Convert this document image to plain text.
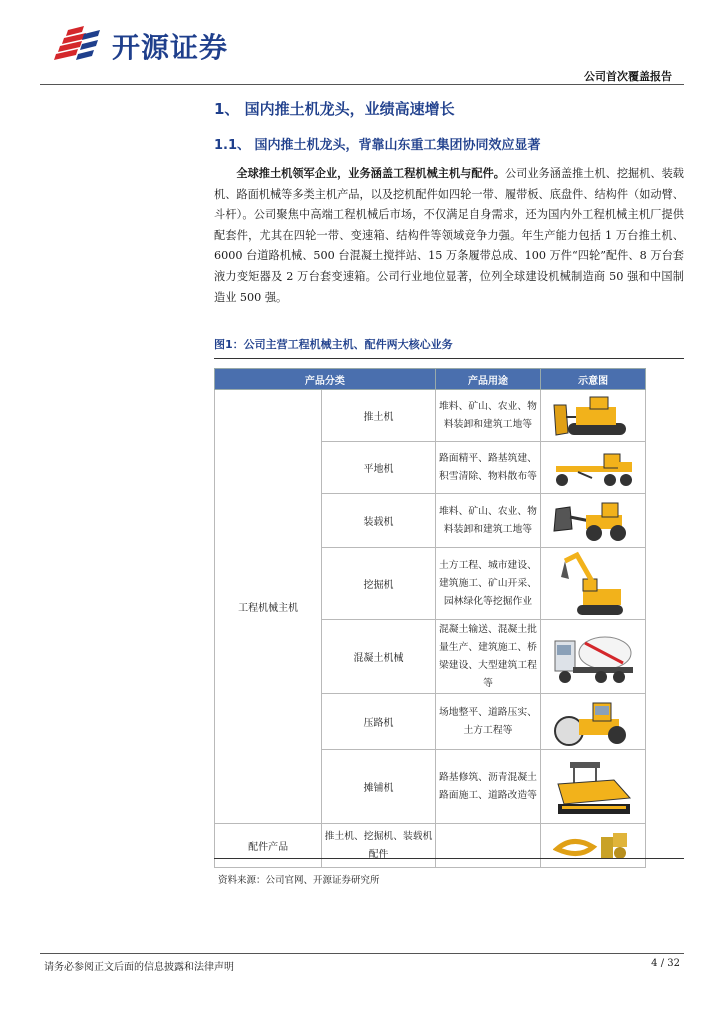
开源证券
公司首次覆盖报告
1、 国内推土机龙头，业绩高速增长
1.1、 国内推土机龙头，背靠山东重工集团协同效应显著

全球推土机领军企业，业务涵盖工程机械主机与配件。公司业务涵盖推土机、挖掘机、装载机、路面机械等多类主机产品，以及挖机配件如四轮一带、履带板、底盘件、结构件（如动臂、斗杆）。公司聚焦中高端工程机械后市场，不仅满足自身需求，还为国内外工程机械主机厂提供配套件，尤其在四轮一带、变速箱、结构件等领域竞争力强。年生产能力包括 1 万台推土机、6000 台道路机械、500 台混凝土搅拌站、15 万条履带总成、100 万件“四轮”配件、8 万台套液力变矩器及 2 万台套变速箱。公司行业地位显著，位列全球建设机械制造商 50 强和中国制造业 500 强。

图1：公司主营工程机械主机、配件两大核心业务
产品分类		产品用途	示意图
工程机械主机	推土机	堆料、矿山、农业、物料装卸和建筑工地等	

	平地机	路面精平、路基筑建、 积雪清除、物料散布等	

	装载机	堆料、矿山、农业、物料装卸和建筑工地等	

	挖掘机	土方工程、城市建设、建筑施工、矿山开采、园林绿化等挖掘作业	

	混凝土机械	混凝土输送、混凝土批量生产、建筑施工、桥梁建设、大型建筑工程等	

	压路机	场地整平、道路压实、土方工程等	

	摊铺机	路基修筑、沥青混凝土路面施工、道路改造等	

配件产品	推土机、挖掘机、装载机配件		
资料来源：公司官网、开源证券研究所
请务必参阅正文后面的信息披露和法律声明	4 / 32
